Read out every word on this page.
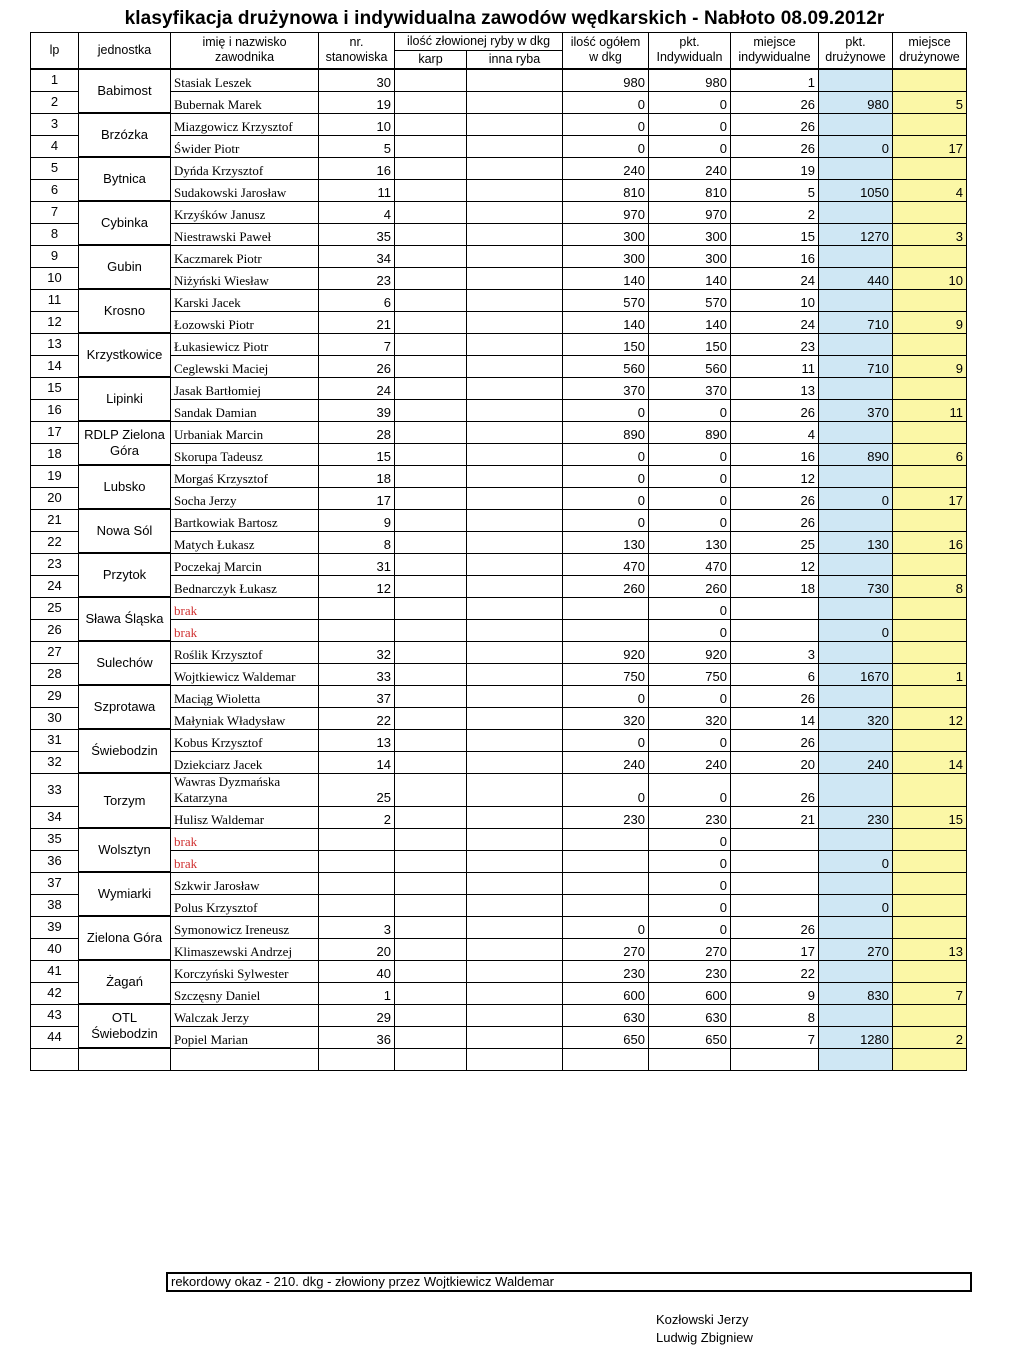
klasyfikacja drużynowa i indywidualna zawodów wędkarskich - Nabłoto 08.09.2012r
lp	jednostka	imię i nazwisko zawodnika	nr. stanowiska	ilość złowionej ryby w dkg		ilość ogółem w dkg	pkt. Indywidualn	miejsce indywidualne	pkt. drużynowe	miejsce drużynowe
				karp	inna ryba					
1	Babimost	Stasiak Leszek	30			980	980	1		
2		Bubernak Marek	19			0	0	26	980	5
3	Brzózka	Miazgowicz Krzysztof	10			0	0	26		
4		Świder Piotr	5			0	0	26	0	17
5	Bytnica	Dyńda Krzysztof	16			240	240	19		
6		Sudakowski Jarosław	11			810	810	5	1050	4
7	Cybinka	Krzyśków Janusz	4			970	970	2		
8		Niestrawski Paweł	35			300	300	15	1270	3
9	Gubin	Kaczmarek Piotr	34			300	300	16		
10		Niżyński Wiesław	23			140	140	24	440	10
11	Krosno	Karski Jacek	6			570	570	10		
12		Łozowski Piotr	21			140	140	24	710	9
13	Krzystkowice	Łukasiewicz Piotr	7			150	150	23		
14		Ceglewski Maciej	26			560	560	11	710	9
15	Lipinki	Jasak Bartłomiej	24			370	370	13		
16		Sandak Damian	39			0	0	26	370	11
17	RDLP Zielona Góra	Urbaniak Marcin	28			890	890	4		
18		Skorupa Tadeusz	15			0	0	16	890	6
19	Lubsko	Morgaś Krzysztof	18			0	0	12		
20		Socha Jerzy	17			0	0	26	0	17
21	Nowa Sól	Bartkowiak Bartosz	9			0	0	26		
22		Matych Łukasz	8			130	130	25	130	16
23	Przytok	Poczekaj Marcin	31			470	470	12		
24		Bednarczyk Łukasz	12			260	260	18	730	8
25	Sława Śląska	brak					0			
26		brak					0		0	
27	Sulechów	Roślik Krzysztof	32			920	920	3		
28		Wojtkiewicz Waldemar	33			750	750	6	1670	1
29	Szprotawa	Maciąg Wioletta	37			0	0	26		
30		Małyniak Władysław	22			320	320	14	320	12
31	Świebodzin	Kobus Krzysztof	13			0	0	26		
32		Dziekciarz Jacek	14			240	240	20	240	14
33	Torzym	Wawras Dyzmańska Katarzyna	25			0	0	26		
34		Hulisz Waldemar	2			230	230	21	230	15
35	Wolsztyn	brak					0			
36		brak					0		0	
37	Wymiarki	Szkwir Jarosław					0			
38		Polus Krzysztof					0		0	
39	Zielona Góra	Symonowicz Ireneusz	3			0	0	26		
40		Klimaszewski Andrzej	20			270	270	17	270	13
41	Żagań	Korczyński Sylwester	40			230	230	22		
42		Szczęsny Daniel	1			600	600	9	830	7
43	OTL Świebodzin	Walczak Jerzy	29			630	630	8		
44		Popiel Marian	36			650	650	7	1280	2

rekordowy okaz - 210. dkg - złowiony przez Wojtkiewicz Waldemar
Kozłowski Jerzy
Ludwig Zbigniew
